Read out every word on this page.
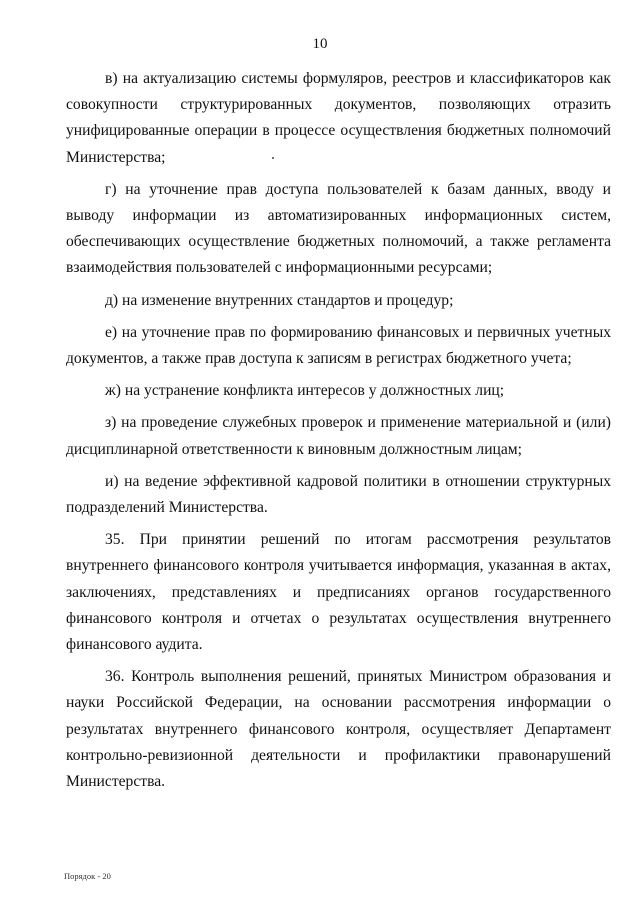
10

в) на актуализацию системы формуляров, реестров и классификаторов как совокупности структурированных документов, позволяющих отразить унифицированные операции в процессе осуществления бюджетных полномочий Министерства;

г) на уточнение прав доступа пользователей к базам данных, вводу и выводу информации из автоматизированных информационных систем, обеспечивающих осуществление бюджетных полномочий, а также регламента взаимодействия пользователей с информационными ресурсами;

д) на изменение внутренних стандартов и процедур;

е) на уточнение прав по формированию финансовых и первичных учетных документов, а также прав доступа к записям в регистрах бюджетного учета;

ж) на устранение конфликта интересов у должностных лиц;

з) на проведение служебных проверок и применение материальной и (или) дисциплинарной ответственности к виновным должностным лицам;

и) на ведение эффективной кадровой политики в отношении структурных подразделений Министерства.

35. При принятии решений по итогам рассмотрения результатов внутреннего финансового контроля учитывается информация, указанная в актах, заключениях, представлениях и предписаниях органов государственного финансового контроля и отчетах о результатах осуществления внутреннего финансового аудита.

36. Контроль выполнения решений, принятых Министром образования и науки Российской Федерации, на основании рассмотрения информации о результатах внутреннего финансового контроля, осуществляет Департамент контрольно-ревизионной деятельности и профилактики правонарушений Министерства.

Порядок - 20
